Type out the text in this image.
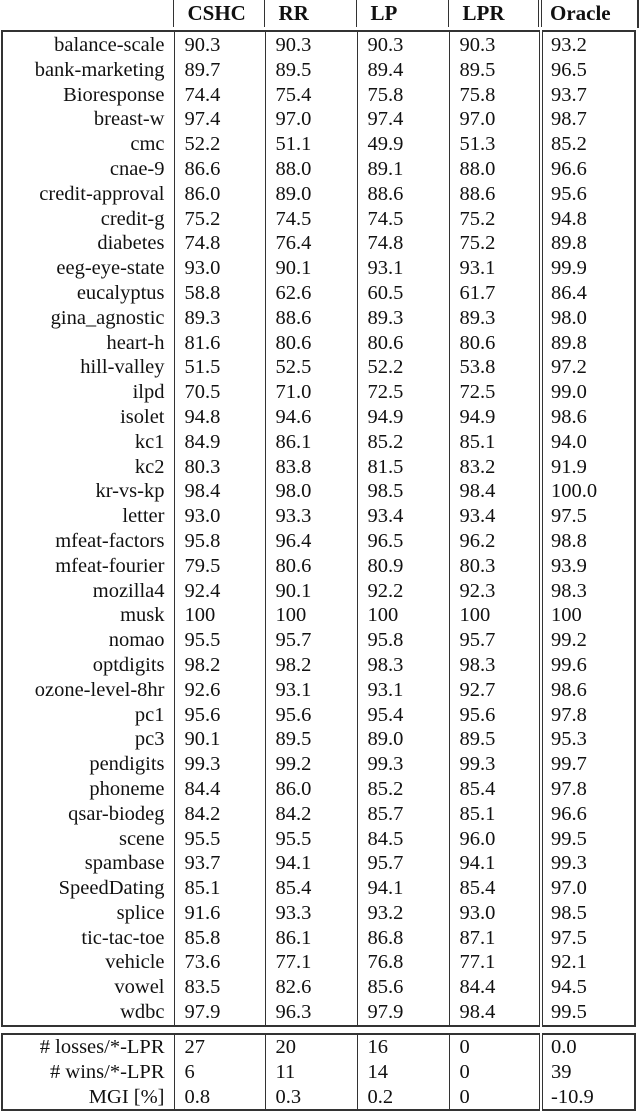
	CSHC	RR	LP	LPR	Oracle
balance-scale	90.3	90.3	90.3	90.3	93.2
bank-marketing	89.7	89.5	89.4	89.5	96.5
Bioresponse	74.4	75.4	75.8	75.8	93.7
breast-w	97.4	97.0	97.4	97.0	98.7
cmc	52.2	51.1	49.9	51.3	85.2
cnae-9	86.6	88.0	89.1	88.0	96.6
credit-approval	86.0	89.0	88.6	88.6	95.6
credit-g	75.2	74.5	74.5	75.2	94.8
diabetes	74.8	76.4	74.8	75.2	89.8
eeg-eye-state	93.0	90.1	93.1	93.1	99.9
eucalyptus	58.8	62.6	60.5	61.7	86.4
gina_agnostic	89.3	88.6	89.3	89.3	98.0
heart-h	81.6	80.6	80.6	80.6	89.8
hill-valley	51.5	52.5	52.2	53.8	97.2
ilpd	70.5	71.0	72.5	72.5	99.0
isolet	94.8	94.6	94.9	94.9	98.6
kc1	84.9	86.1	85.2	85.1	94.0
kc2	80.3	83.8	81.5	83.2	91.9
kr-vs-kp	98.4	98.0	98.5	98.4	100.0
letter	93.0	93.3	93.4	93.4	97.5
mfeat-factors	95.8	96.4	96.5	96.2	98.8
mfeat-fourier	79.5	80.6	80.9	80.3	93.9
mozilla4	92.4	90.1	92.2	92.3	98.3
musk	100	100	100	100	100
nomao	95.5	95.7	95.8	95.7	99.2
optdigits	98.2	98.2	98.3	98.3	99.6
ozone-level-8hr	92.6	93.1	93.1	92.7	98.6
pc1	95.6	95.6	95.4	95.6	97.8
pc3	90.1	89.5	89.0	89.5	95.3
pendigits	99.3	99.2	99.3	99.3	99.7
phoneme	84.4	86.0	85.2	85.4	97.8
qsar-biodeg	84.2	84.2	85.7	85.1	96.6
scene	95.5	95.5	84.5	96.0	99.5
spambase	93.7	94.1	95.7	94.1	99.3
SpeedDating	85.1	85.4	94.1	85.4	97.0
splice	91.6	93.3	93.2	93.0	98.5
tic-tac-toe	85.8	86.1	86.8	87.1	97.5
vehicle	73.6	77.1	76.8	77.1	92.1
vowel	83.5	82.6	85.6	84.4	94.5
wdbc	97.9	96.3	97.9	98.4	99.5
# losses/*-LPR	27	20	16	0	0.0
# wins/*-LPR	6	11	14	0	39
MGI [%]	0.8	0.3	0.2	0	-10.9
